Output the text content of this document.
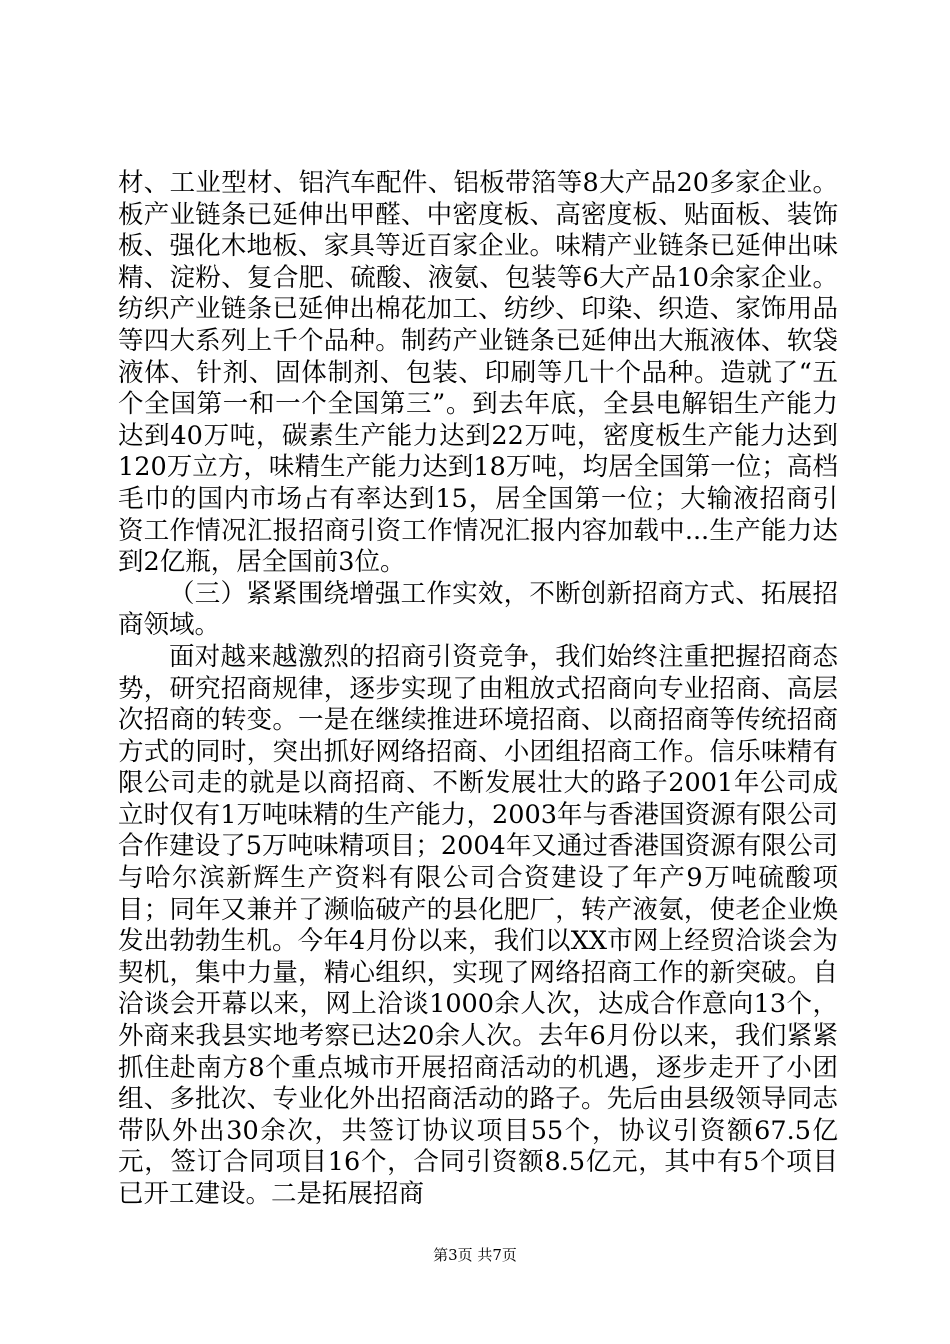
材、工业型材、铝汽车配件、铝板带箔等8大产品20多家企业。板产业链条已延伸出甲醛、中密度板、高密度板、贴面板、装饰板、强化木地板、家具等近百家企业。味精产业链条已延伸出味精、淀粉、复合肥、硫酸、液氨、包装等6大产品10余家企业。纺织产业链条已延伸出棉花加工、纺纱、印染、织造、家饰用品等四大系列上千个品种。制药产业链条已延伸出大瓶液体、软袋液体、针剂、固体制剂、包装、印刷等几十个品种。造就了“五个全国第一和一个全国第三”。到去年底，全县电解铝生产能力达到40万吨，碳素生产能力达到22万吨，密度板生产能力达到120万立方，味精生产能力达到18万吨，均居全国第一位；高档毛巾的国内市场占有率达到15，居全国第一位；大输液招商引资工作情况汇报招商引资工作情况汇报内容加载中...生产能力达到2亿瓶，居全国前3位。

（三）紧紧围绕增强工作实效，不断创新招商方式、拓展招商领域。

面对越来越激烈的招商引资竞争，我们始终注重把握招商态势，研究招商规律，逐步实现了由粗放式招商向专业招商、高层次招商的转变。一是在继续推进环境招商、以商招商等传统招商方式的同时，突出抓好网络招商、小团组招商工作。信乐味精有限公司走的就是以商招商、不断发展壮大的路子2001年公司成立时仅有1万吨味精的生产能力，2003年与香港国资源有限公司合作建设了5万吨味精项目；2004年又通过香港国资源有限公司与哈尔滨新辉生产资料有限公司合资建设了年产9万吨硫酸项目；同年又兼并了濒临破产的县化肥厂，转产液氨，使老企业焕发出勃勃生机。今年4月份以来，我们以XX市网上经贸洽谈会为契机，集中力量，精心组织，实现了网络招商工作的新突破。自洽谈会开幕以来，网上洽谈1000余人次，达成合作意向13个，外商来我县实地考察已达20余人次。去年6月份以来，我们紧紧抓住赴南方8个重点城市开展招商活动的机遇，逐步走开了小团组、多批次、专业化外出招商活动的路子。先后由县级领导同志带队外出30余次，共签订协议项目55个，协议引资额67.5亿元，签订合同项目16个，合同引资额8.5亿元，其中有5个项目已开工建设。二是拓展招商

第3页 共7页
